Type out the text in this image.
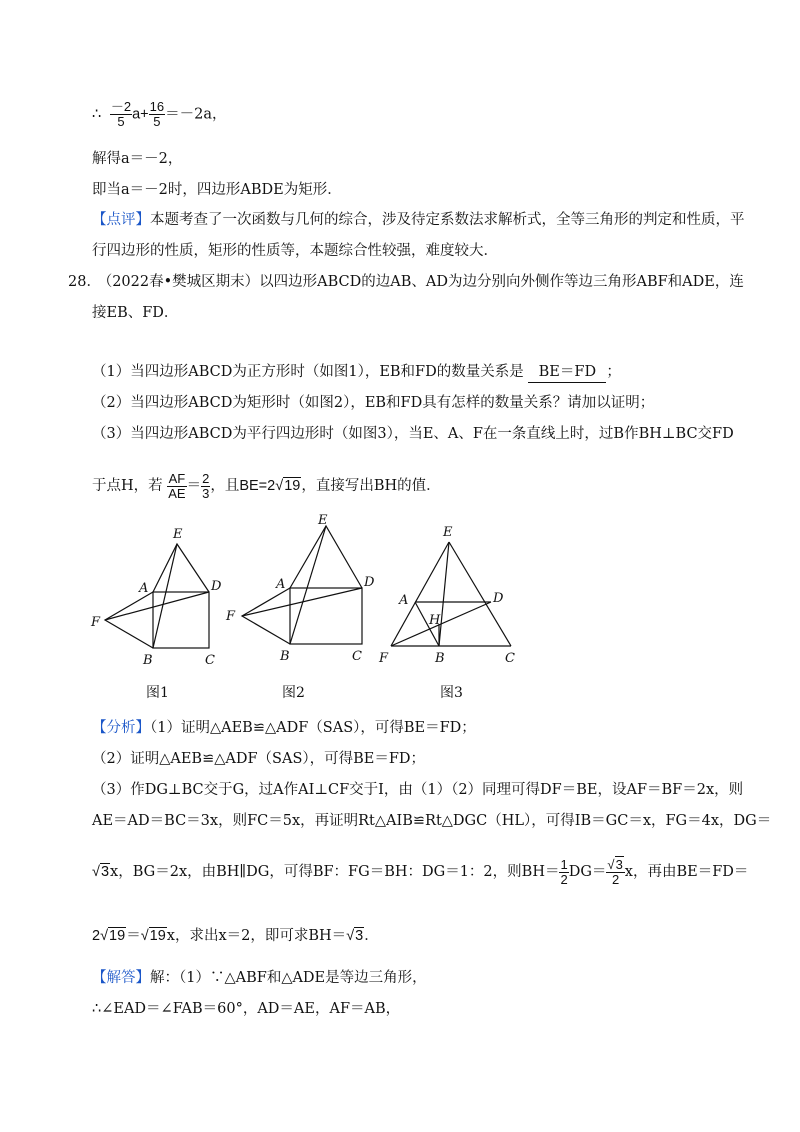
∴ $\frac{-2}{5} a+ \frac{16}{5} =-2a$，
解得a＝－2，
即当a＝－2时，四边形ABDE为矩形．
【点评】本题考查了一次函数与几何的综合，涉及待定系数法求解析式，全等三角形的判定和性质，平
行四边形的性质，矩形的性质等，本题综合性较强，难度较大．
28． （2022春•樊城区期末）以四边形ABCD的边AB、AD为边分别向外侧作等边三角形ABF和ADE，连
接EB、FD．
（1）当四边形ABCD为正方形时（如图1），EB和FD的数量关系是 BE＝FD ；
（2）当四边形ABCD为矩形时（如图2），EB和FD具有怎样的数量关系？请加以证明；
（3）当四边形ABCD为平行四边形时（如图3），当E、A、F在一条直线上时，过B作BH⊥BC交FD
于点H，若 $\frac{AF}{AE} = \frac{2}{3}$ ，且BE=2√19，直接写出BH的值．
E
A	D
F
B	C
图1
E
A	D
F
B	C
图2
E
A	D
H
F	B	C
图3
【分析】（1）证明△AEB≌△ADF（SAS），可得BE＝FD；
（2）证明△AEB≌△ADF（SAS），可得BE＝FD；
（3）作DG⊥BC交于G，过A作AI⊥CF交于I，由（1）（2）同理可得DF＝BE，设AF＝BF＝2x，则
AE＝AD＝BC＝3x，则FC＝5x，再证明Rt△AIB≌Rt△DGC（HL），可得IB＝GC＝x，FG＝4x，DG＝
√3x，BG＝2x，由BH∥DG，可得BF：FG＝BH：DG＝1：2，则$BH= \frac{1}{2} DG= \frac{√3}{2}$ x，再由BE＝FD＝
2√19＝√19x，求出x＝2，即可求BH＝√3．
【解答】解：（1）∵△ABF和△ADE是等边三角形，
∴∠EAD＝∠FAB＝60°，AD＝AE，AF＝AB，
